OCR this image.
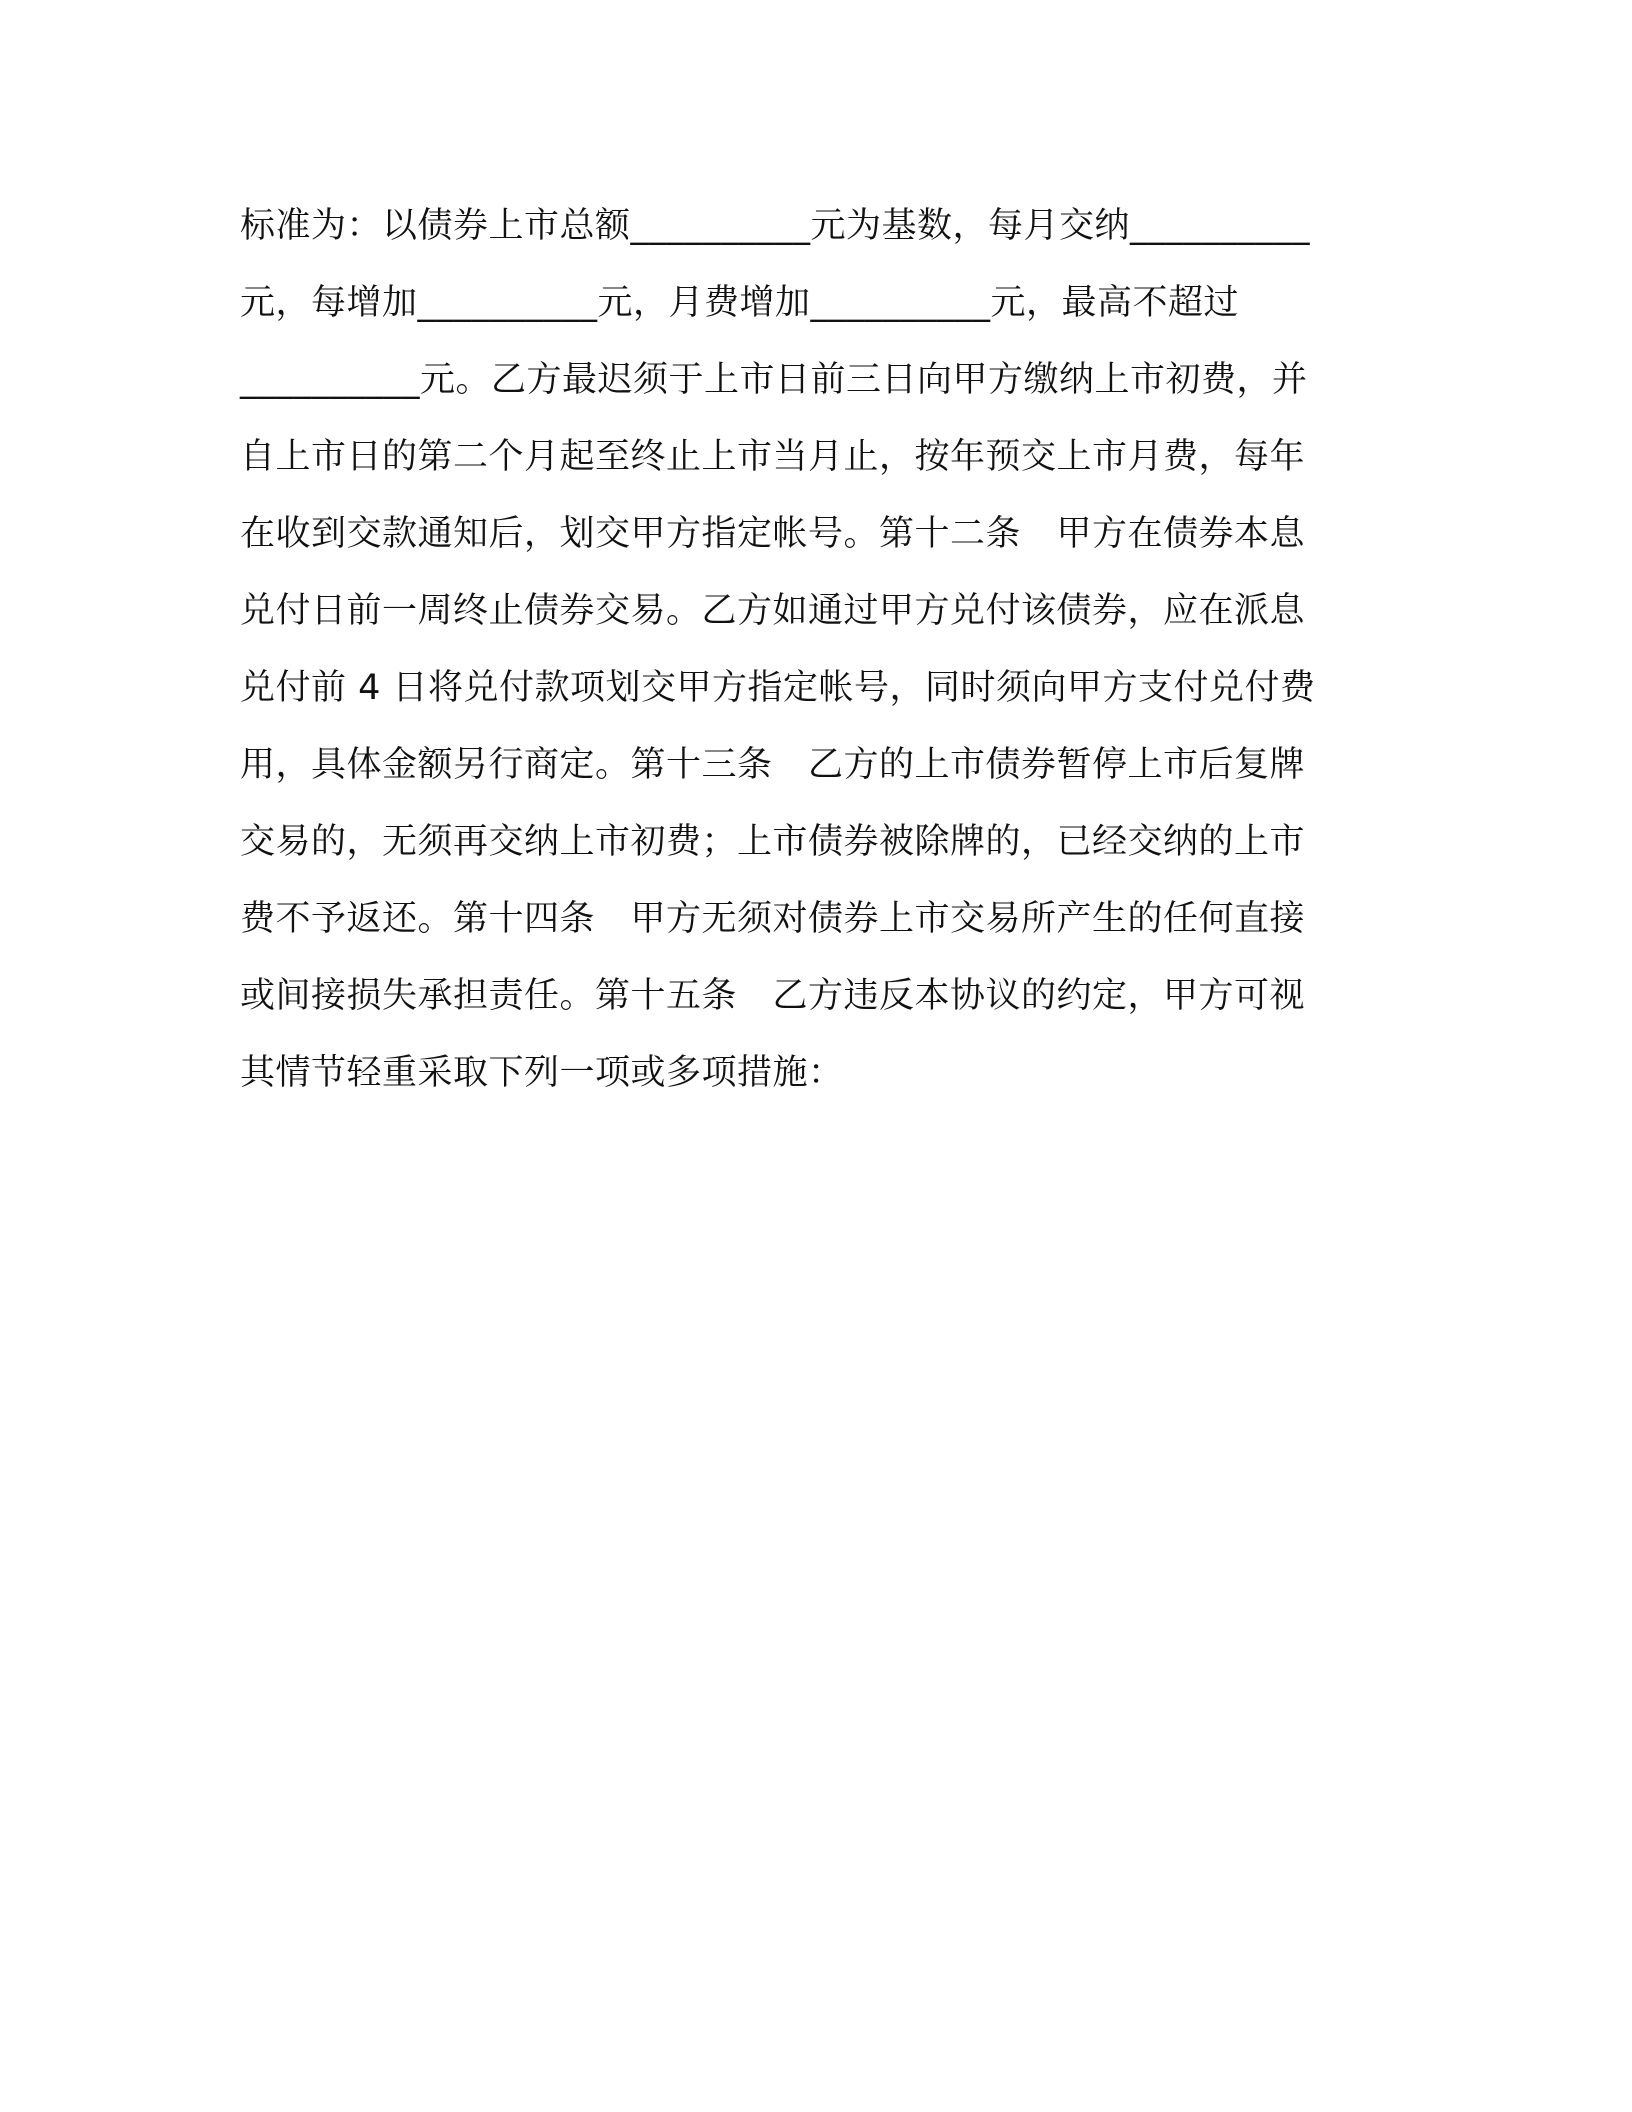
标准为：以债券上市总额__________元为基数，每月交纳__________
元，每增加__________元，月费增加__________元，最高不超过
__________元。乙方最迟须于上市日前三日向甲方缴纳上市初费，并
自上市日的第二个月起至终止上市当月止，按年预交上市月费，每年
在收到交款通知后，划交甲方指定帐号。第十二条　甲方在债券本息
兑付日前一周终止债券交易。乙方如通过甲方兑付该债券，应在派息
兑付前 4 日将兑付款项划交甲方指定帐号，同时须向甲方支付兑付费
用，具体金额另行商定。第十三条　乙方的上市债券暂停上市后复牌
交易的，无须再交纳上市初费；上市债券被除牌的，已经交纳的上市
费不予返还。第十四条　甲方无须对债券上市交易所产生的任何直接
或间接损失承担责任。第十五条　乙方违反本协议的约定，甲方可视
其情节轻重采取下列一项或多项措施：
